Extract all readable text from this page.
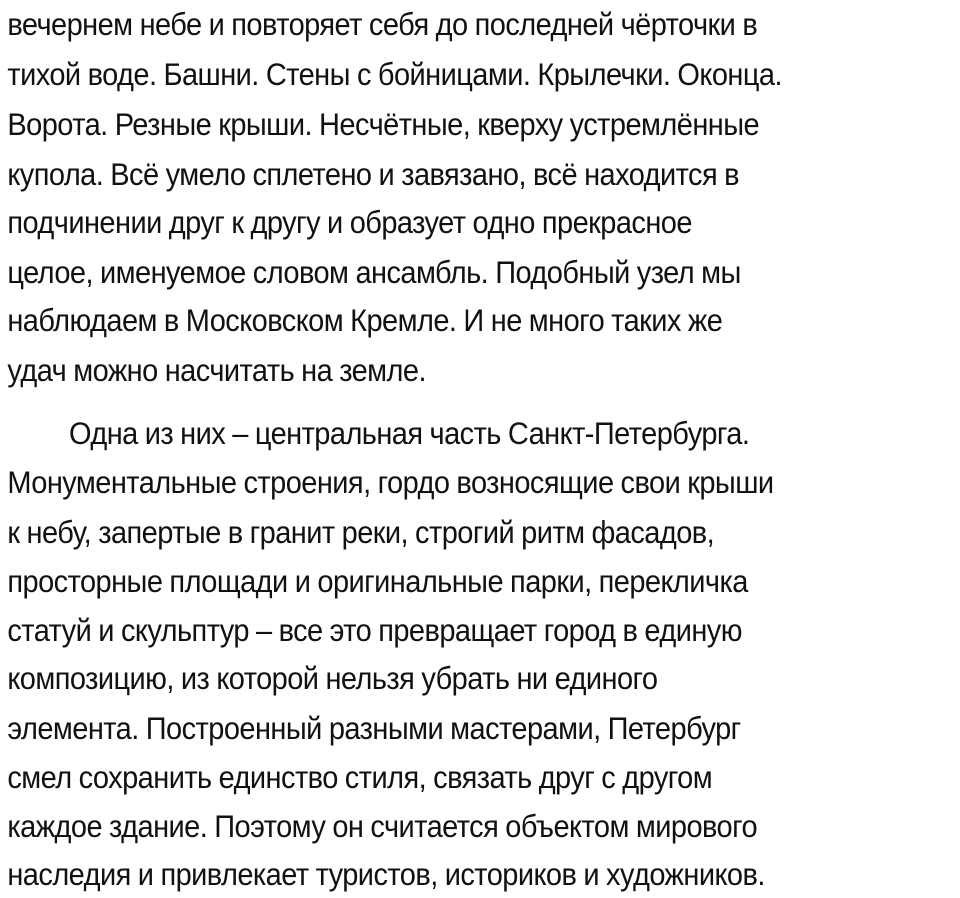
вечернем небе и повторяет себя до последней чёрточки в
тихой воде. Башни. Стены с бойницами. Крылечки. Оконца.
Ворота. Резные крыши. Несчётные, кверху устремлённые
купола. Всё умело сплетено и завязано, всё находится в
подчинении друг к другу и образует одно прекрасное
целое, именуемое словом ансамбль. Подобный узел мы
наблюдаем в Московском Кремле. И не много таких же
удач можно насчитать на земле.
Одна из них – центральная часть Санкт-Петербурга.
Монументальные строения, гордо возносящие свои крыши
к небу, запертые в гранит реки, строгий ритм фасадов,
просторные площади и оригинальные парки, перекличка
статуй и скульптур – все это превращает город в единую
композицию, из которой нельзя убрать ни единого
элемента. Построенный разными мастерами, Петербург
смел сохранить единство стиля, связать друг с другом
каждое здание. Поэтому он считается объектом мирового
наследия и привлекает туристов, историков и художников.
